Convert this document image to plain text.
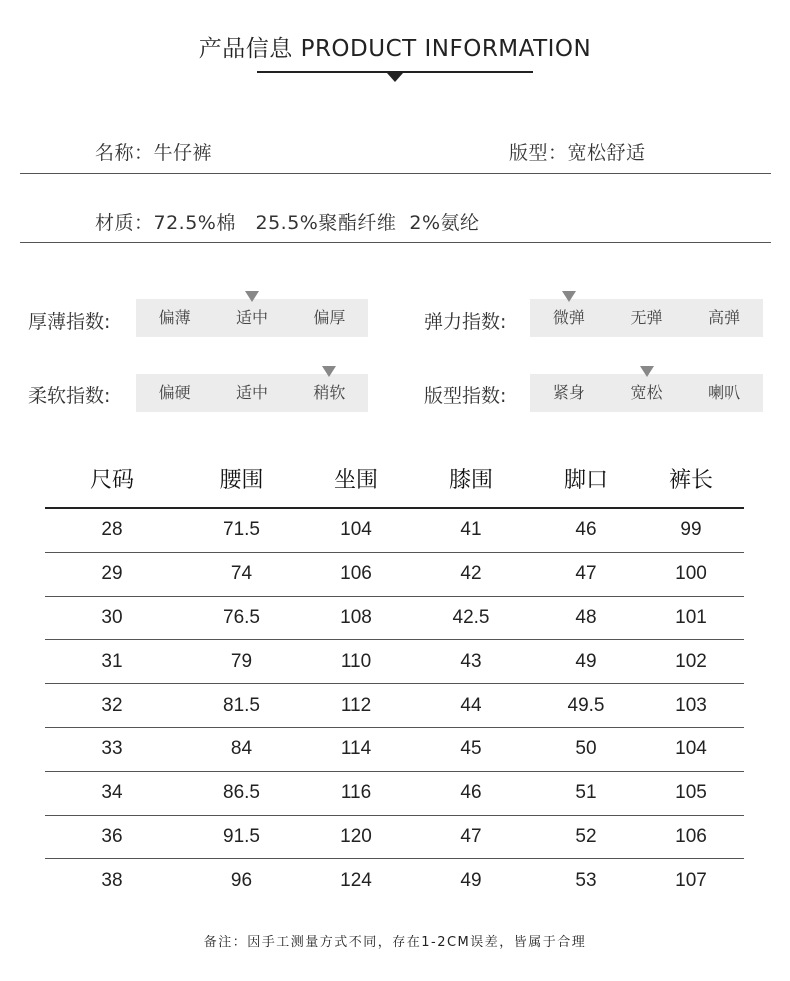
产品信息 PRODUCT INFORMATION
名称：牛仔裤	版型：宽松舒适
材质：72.5%棉   25.5%聚酯纤维  2%氨纶
厚薄指数:	偏薄	适中	偏厚	弹力指数:	微弹	无弹	高弹
柔软指数:	偏硬	适中	稍软	版型指数:	紧身	宽松	喇叭
尺码	腰围	坐围	膝围	脚口	裤长
28	71.5	104	41	46	99
29	74	106	42	47	100
30	76.5	108	42.5	48	101
31	79	110	43	49	102
32	81.5	112	44	49.5	103
33	84	114	45	50	104
34	86.5	116	46	51	105
36	91.5	120	47	52	106
38	96	124	49	53	107
备注：因手工测量方式不同，存在1-2CM误差，皆属于合理
